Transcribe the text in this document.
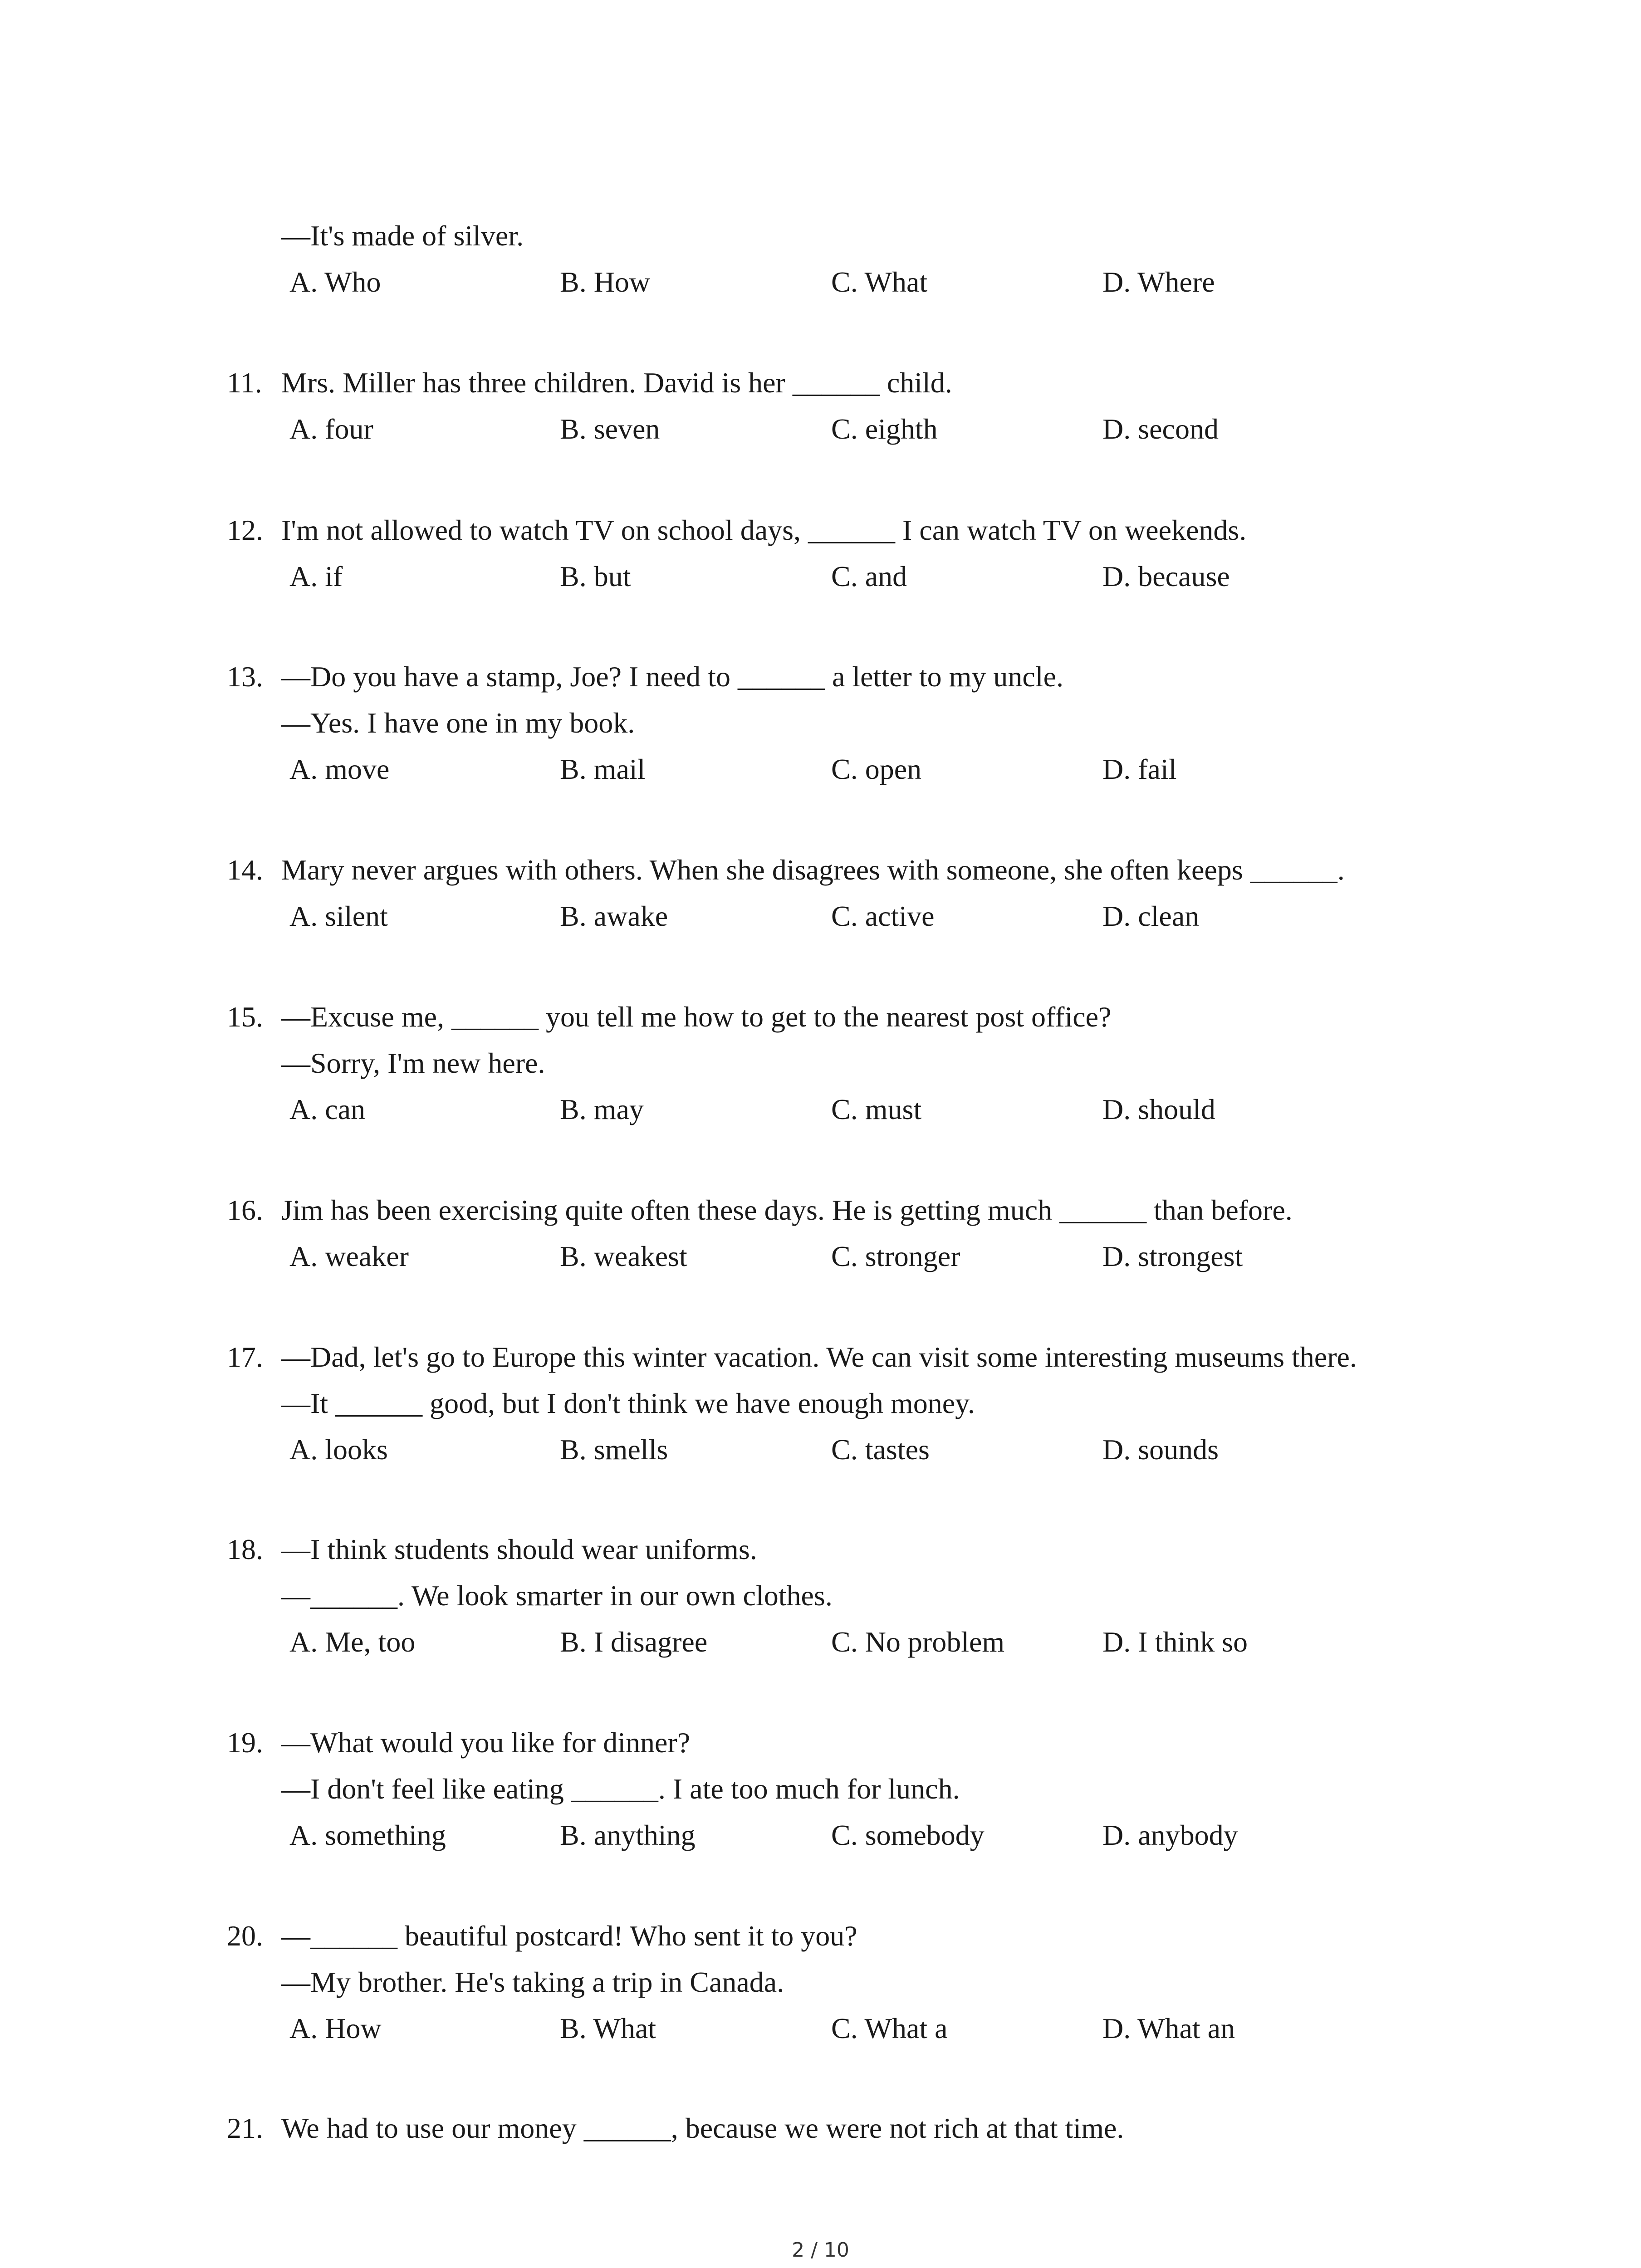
—It's made of silver.
A. Who	B. How	C. What	D. Where
11. Mrs. Miller has three children. David is her ______ child.
A. four	B. seven	C. eighth	D. second
12. I'm not allowed to watch TV on school days, ______ I can watch TV on weekends.
A. if	B. but	C. and	D. because
13. —Do you have a stamp, Joe? I need to ______ a letter to my uncle.
—Yes. I have one in my book.
A. move	B. mail	C. open	D. fail
14. Mary never argues with others. When she disagrees with someone, she often keeps ______.
A. silent	B. awake	C. active	D. clean
15. —Excuse me, ______ you tell me how to get to the nearest post office?
—Sorry, I'm new here.
A. can	B. may	C. must	D. should
16. Jim has been exercising quite often these days. He is getting much ______ than before.
A. weaker	B. weakest	C. stronger	D. strongest
17. —Dad, let's go to Europe this winter vacation. We can visit some interesting museums there.
—It ______ good, but I don't think we have enough money.
A. looks	B. smells	C. tastes	D. sounds
18. —I think students should wear uniforms.
—______. We look smarter in our own clothes.
A. Me, too	B. I disagree	C. No problem	D. I think so
19. —What would you like for dinner?
—I don't feel like eating ______. I ate too much for lunch.
A. something	B. anything	C. somebody	D. anybody
20. —______ beautiful postcard! Who sent it to you?
—My brother. He's taking a trip in Canada.
A. How	B. What	C. What a	D. What an
21. We had to use our money ______, because we were not rich at that time.
2 / 10
